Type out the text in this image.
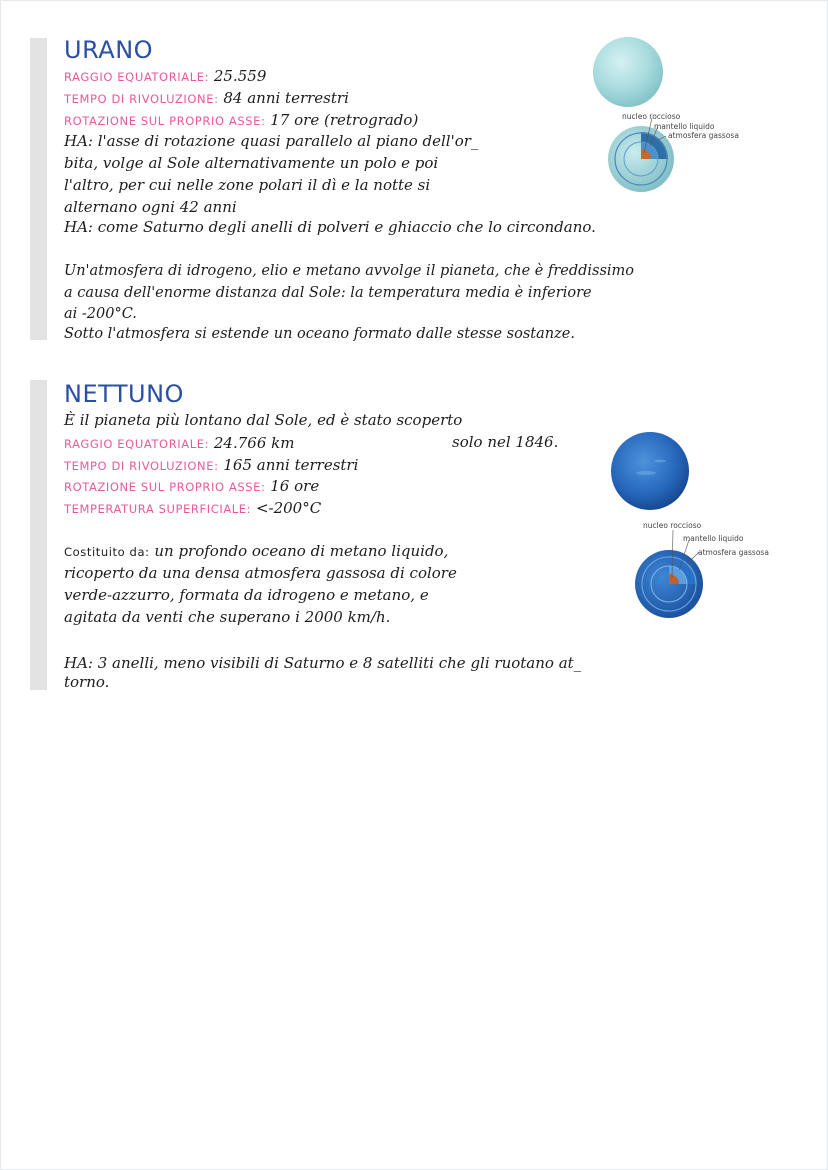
URANO
RAGGIO EQUATORIALE: 25.559
TEMPO DI RIVOLUZIONE: 84 anni terrestri
ROTAZIONE SUL PROPRIO ASSE: 17 ore (retrogrado)
HA: l'asse di rotazione quasi parallelo al piano dell'or_
bita, volge al Sole alternativamente un polo e poi
l'altro, per cui nelle zone polari il dì e la notte si
alternano ogni 42 anni
HA: come Saturno degli anelli di polveri e ghiaccio che lo circondano.
Un'atmosfera di idrogeno, elio e metano avvolge il pianeta, che è freddissimo
a causa dell'enorme distanza dal Sole: la temperatura media è inferiore
ai -200°C.
Sotto l'atmosfera si estende un oceano formato dalle stesse sostanze.
nucleo roccioso
mantello liquido
atmosfera gassosa
NETTUNO
È il pianeta più lontano dal Sole, ed è stato scoperto
solo nel 1846.
RAGGIO EQUATORIALE: 24.766 km
TEMPO DI RIVOLUZIONE: 165 anni terrestri
ROTAZIONE SUL PROPRIO ASSE: 16 ore
TEMPERATURA SUPERFICIALE: <-200°C
Costituito da: un profondo oceano di metano liquido,
ricoperto da una densa atmosfera gassosa di colore
verde-azzurro, formata da idrogeno e metano, e
agitata da venti che superano i 2000 km/h.
HA: 3 anelli, meno visibili di Saturno e 8 satelliti che gli ruotano at_
torno.
nucleo roccioso
mantello liquido
atmosfera gassosa
